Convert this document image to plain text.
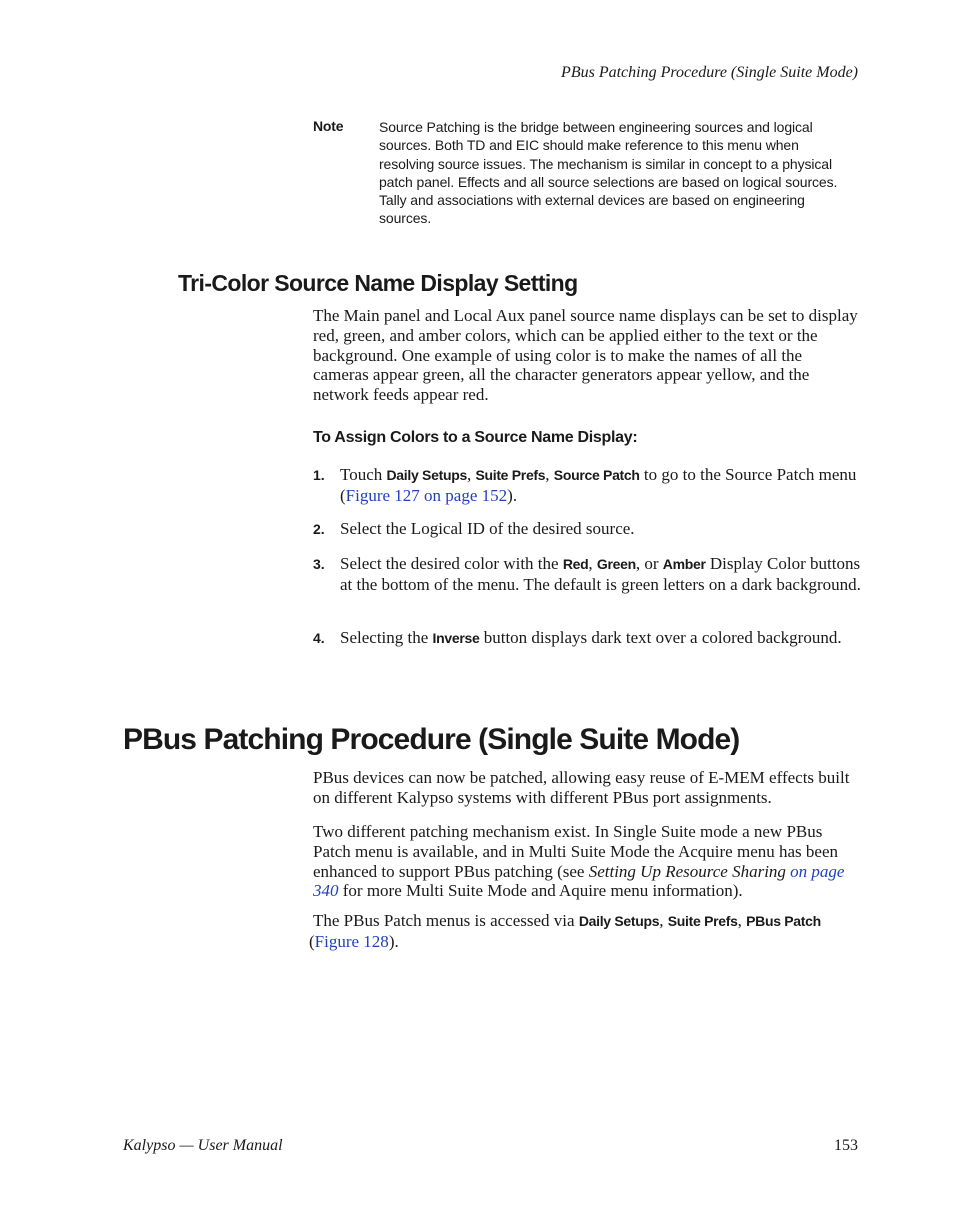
PBus Patching Procedure (Single Suite Mode)
Note	Source Patching is the bridge between engineering sources and logical sources. Both TD and EIC should make reference to this menu when resolving source issues. The mechanism is similar in concept to a physical patch panel. Effects and all source selections are based on logical sources. Tally and associations with external devices are based on engineering sources.
Tri-Color Source Name Display Setting
The Main panel and Local Aux panel source name displays can be set to display red, green, and amber colors, which can be applied either to the text or the background. One example of using color is to make the names of all the cameras appear green, all the character generators appear yellow, and the network feeds appear red.
To Assign Colors to a Source Name Display:
1. Touch Daily Setups, Suite Prefs, Source Patch to go to the Source Patch menu (Figure 127 on page 152).
2. Select the Logical ID of the desired source.
3. Select the desired color with the Red, Green, or Amber Display Color buttons at the bottom of the menu. The default is green letters on a dark background.
4. Selecting the Inverse button displays dark text over a colored background.
PBus Patching Procedure (Single Suite Mode)
PBus devices can now be patched, allowing easy reuse of E-MEM effects built on different Kalypso systems with different PBus port assignments.
Two different patching mechanism exist. In Single Suite mode a new PBus Patch menu is available, and in Multi Suite Mode the Acquire menu has been enhanced to support PBus patching (see Setting Up Resource Sharing on page 340 for more Multi Suite Mode and Aquire menu information).
The PBus Patch menus is accessed via Daily Setups, Suite Prefs, PBus Patch
(Figure 128).
Kalypso — User Manual	153
